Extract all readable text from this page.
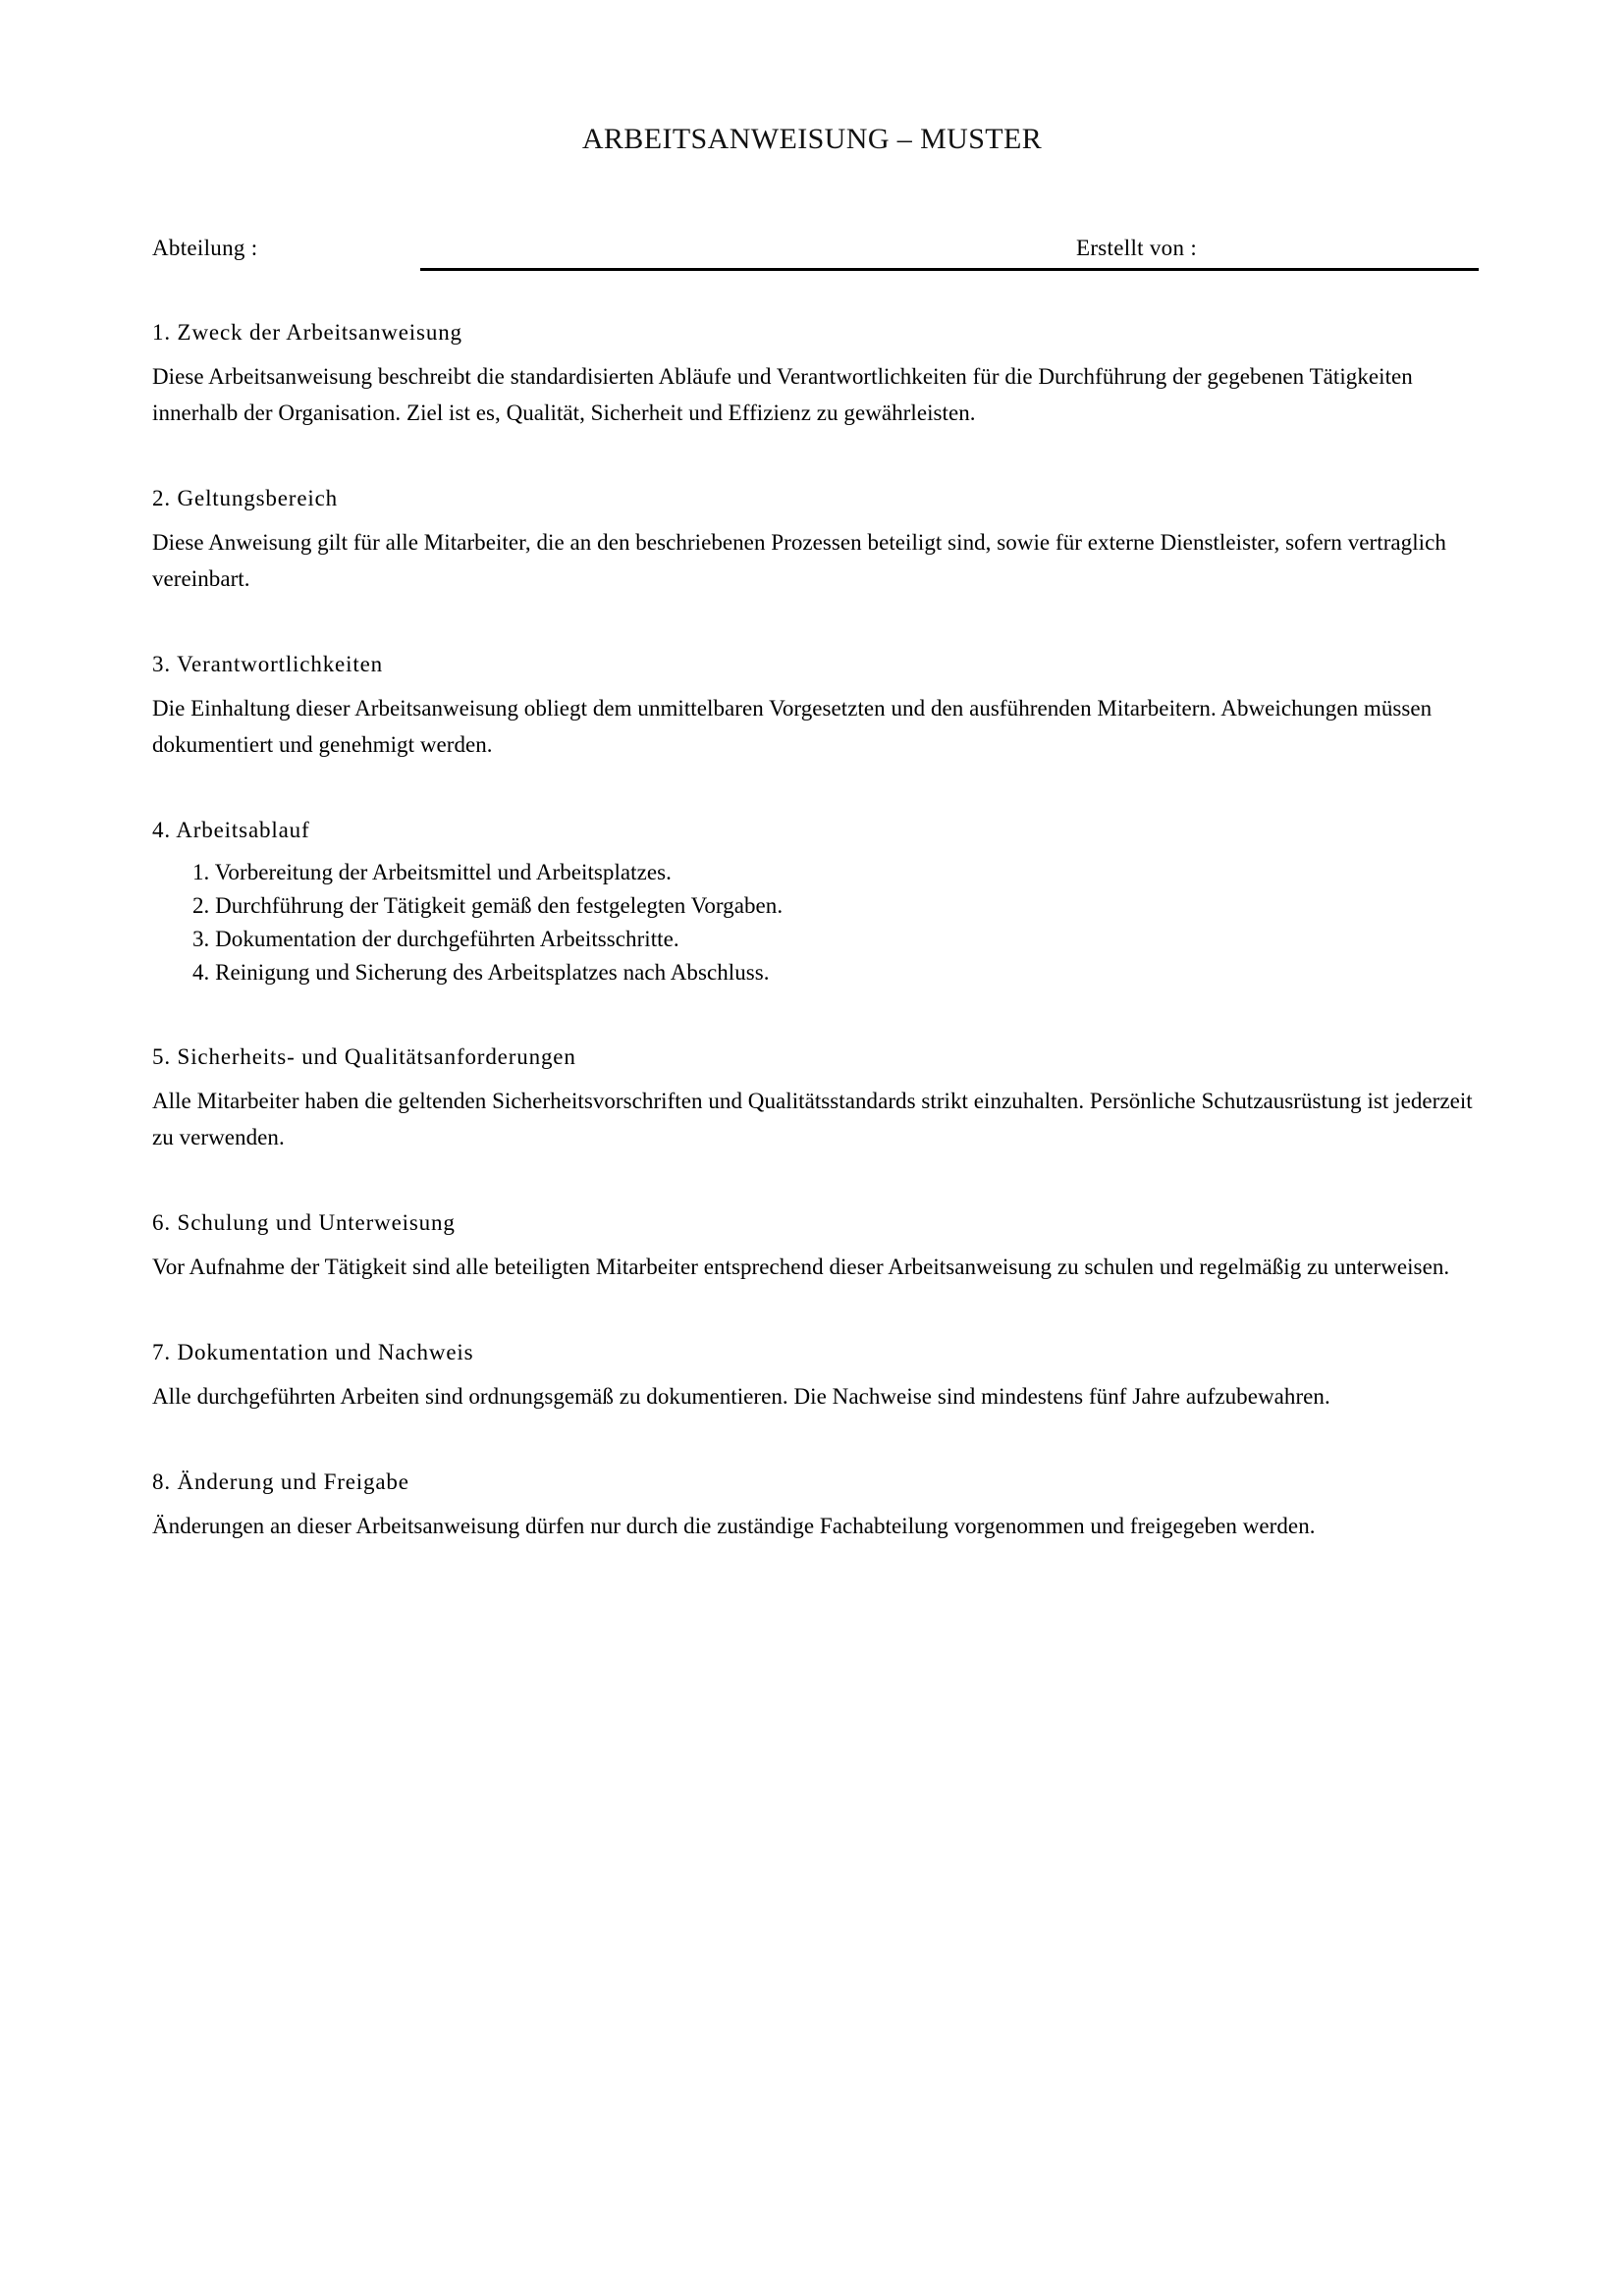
ARBEITSANWEISUNG – MUSTER
Abteilung :	Erstellt von :
1. Zweck der Arbeitsanweisung

Diese Arbeitsanweisung beschreibt die standardisierten Abläufe und Verantwortlichkeiten für die Durchführung der gegebenen Tätigkeiten innerhalb der Organisation. Ziel ist es, Qualität, Sicherheit und Effizienz zu gewährleisten.

2. Geltungsbereich

Diese Anweisung gilt für alle Mitarbeiter, die an den beschriebenen Prozessen beteiligt sind, sowie für externe Dienstleister, sofern vertraglich vereinbart.

3. Verantwortlichkeiten

Die Einhaltung dieser Arbeitsanweisung obliegt dem unmittelbaren Vorgesetzten und den ausführenden Mitarbeitern. Abweichungen müssen dokumentiert und genehmigt werden.

4. Arbeitsablauf
1. Vorbereitung der Arbeitsmittel und Arbeitsplatzes.
2. Durchführung der Tätigkeit gemäß den festgelegten Vorgaben.
3. Dokumentation der durchgeführten Arbeitsschritte.
4. Reinigung und Sicherung des Arbeitsplatzes nach Abschluss.
5. Sicherheits- und Qualitätsanforderungen

Alle Mitarbeiter haben die geltenden Sicherheitsvorschriften und Qualitätsstandards strikt einzuhalten. Persönliche Schutzausrüstung ist jederzeit zu verwenden.

6. Schulung und Unterweisung

Vor Aufnahme der Tätigkeit sind alle beteiligten Mitarbeiter entsprechend dieser Arbeitsanweisung zu schulen und regelmäßig zu unterweisen.

7. Dokumentation und Nachweis

Alle durchgeführten Arbeiten sind ordnungsgemäß zu dokumentieren. Die Nachweise sind mindestens fünf Jahre aufzubewahren.

8. Änderung und Freigabe

Änderungen an dieser Arbeitsanweisung dürfen nur durch die zuständige Fachabteilung vorgenommen und freigegeben werden.
